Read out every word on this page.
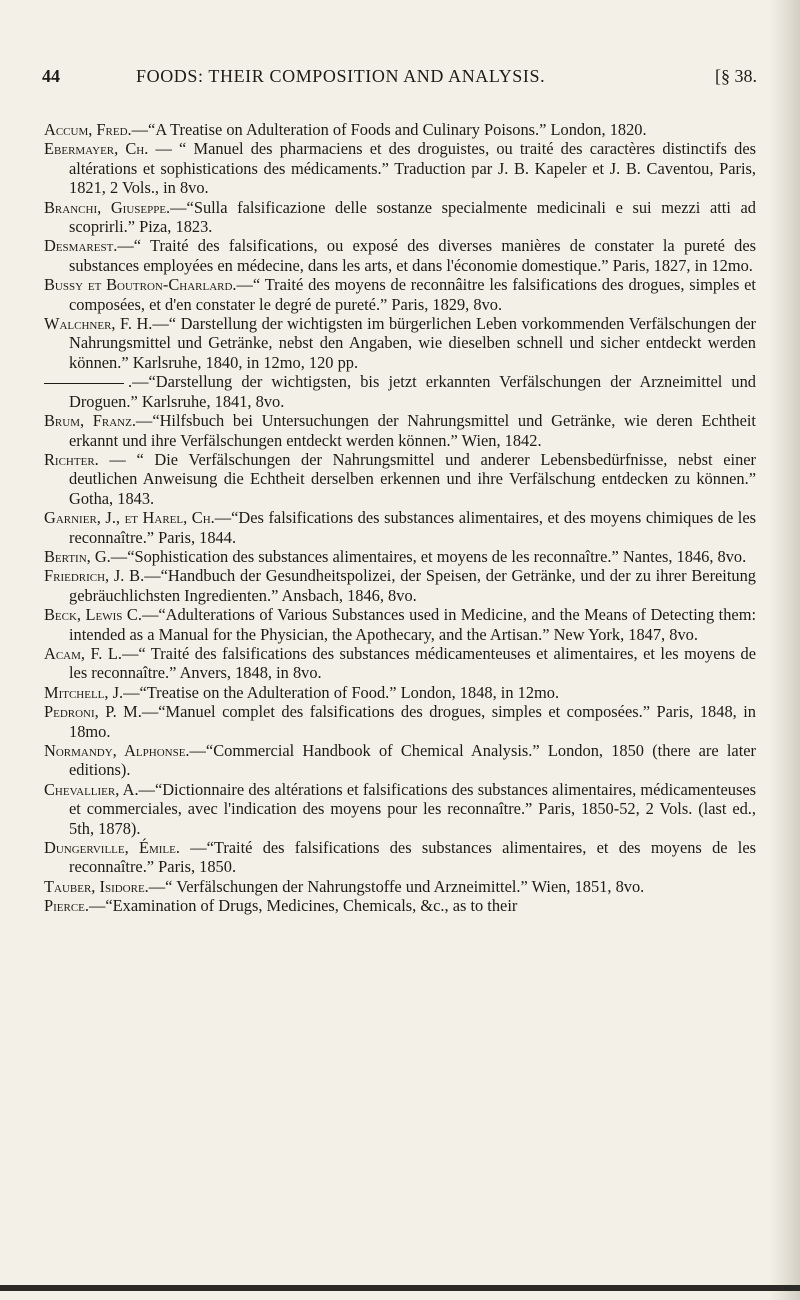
44	FOODS: THEIR COMPOSITION AND ANALYSIS.	[§ 38.

Accum, Fred.—“A Treatise on Adulteration of Foods and Culinary Poisons.” London, 1820.

Ebermayer, Ch. — “ Manuel des pharmaciens et des droguistes, ou traité des caractères distinctifs des altérations et sophistications des médicaments.” Traduction par J. B. Kapeler et J. B. Caventou, Paris, 1821, 2 Vols., in 8vo.

Branchi, Giuseppe.—“Sulla falsificazione delle sostanze specialmente medicinali e sui mezzi atti ad scoprirli.” Piza, 1823.

Desmarest.—“ Traité des falsifications, ou exposé des diverses manières de constater la pureté des substances employées en médecine, dans les arts, et dans l'économie domestique.” Paris, 1827, in 12mo.

Bussy et Boutron-Charlard.—“ Traité des moyens de reconnâitre les falsifications des drogues, simples et composées, et d'en constater le degré de pureté.” Paris, 1829, 8vo.

Walchner, F. H.—“ Darstellung der wichtigsten im bürgerlichen Leben vorkommenden Verfälschungen der Nahrungsmittel und Getränke, nebst den Angaben, wie dieselben schnell und sicher entdeckt werden können.” Karlsruhe, 1840, in 12mo, 120 pp.

.—“Darstellung der wichtigsten, bis jetzt erkannten Verfälschungen der Arzneimittel und Droguen.” Karlsruhe, 1841, 8vo.

Brum, Franz.—“Hilfsbuch bei Untersuchungen der Nahrungsmittel und Getränke, wie deren Echtheit erkannt und ihre Verfälschungen entdeckt werden können.” Wien, 1842.

Richter. — “ Die Verfälschungen der Nahrungsmittel und anderer Lebensbedürfnisse, nebst einer deutlichen Anweisung die Echtheit derselben erkennen und ihre Verfälschung entdecken zu können.” Gotha, 1843.

Garnier, J., et Harel, Ch.—“Des falsifications des substances alimentaires, et des moyens chimiques de les reconnaître.” Paris, 1844.

Bertin, G.—“Sophistication des substances alimentaires, et moyens de les reconnaître.” Nantes, 1846, 8vo.

Friedrich, J. B.—“Handbuch der Gesundheitspolizei, der Speisen, der Getränke, und der zu ihrer Bereitung gebräuchlichsten Ingredienten.” Ansbach, 1846, 8vo.

Beck, Lewis C.—“Adulterations of Various Substances used in Medicine, and the Means of Detecting them: intended as a Manual for the Physician, the Apothecary, and the Artisan.” New York, 1847, 8vo.

Acam, F. L.—“ Traité des falsifications des substances médicamenteuses et alimentaires, et les moyens de les reconnaître.” Anvers, 1848, in 8vo.

Mitchell, J.—“Treatise on the Adulteration of Food.” London, 1848, in 12mo.

Pedroni, P. M.—“Manuel complet des falsifications des drogues, simples et composées.” Paris, 1848, in 18mo.

Normandy, Alphonse.—“Commercial Handbook of Chemical Analysis.” London, 1850 (there are later editions).

Chevallier, A.—“Dictionnaire des altérations et falsifications des substances alimentaires, médicamenteuses et commerciales, avec l'indication des moyens pour les reconnaître.” Paris, 1850-52, 2 Vols. (last ed., 5th, 1878).

Dungerville, Émile. —“Traité des falsifications des substances alimentaires, et des moyens de les reconnaître.” Paris, 1850.

Tauber, Isidore.—“ Verfälschungen der Nahrungstoffe und Arzneimittel.” Wien, 1851, 8vo.

Pierce.—“Examination of Drugs, Medicines, Chemicals, &c., as to their
